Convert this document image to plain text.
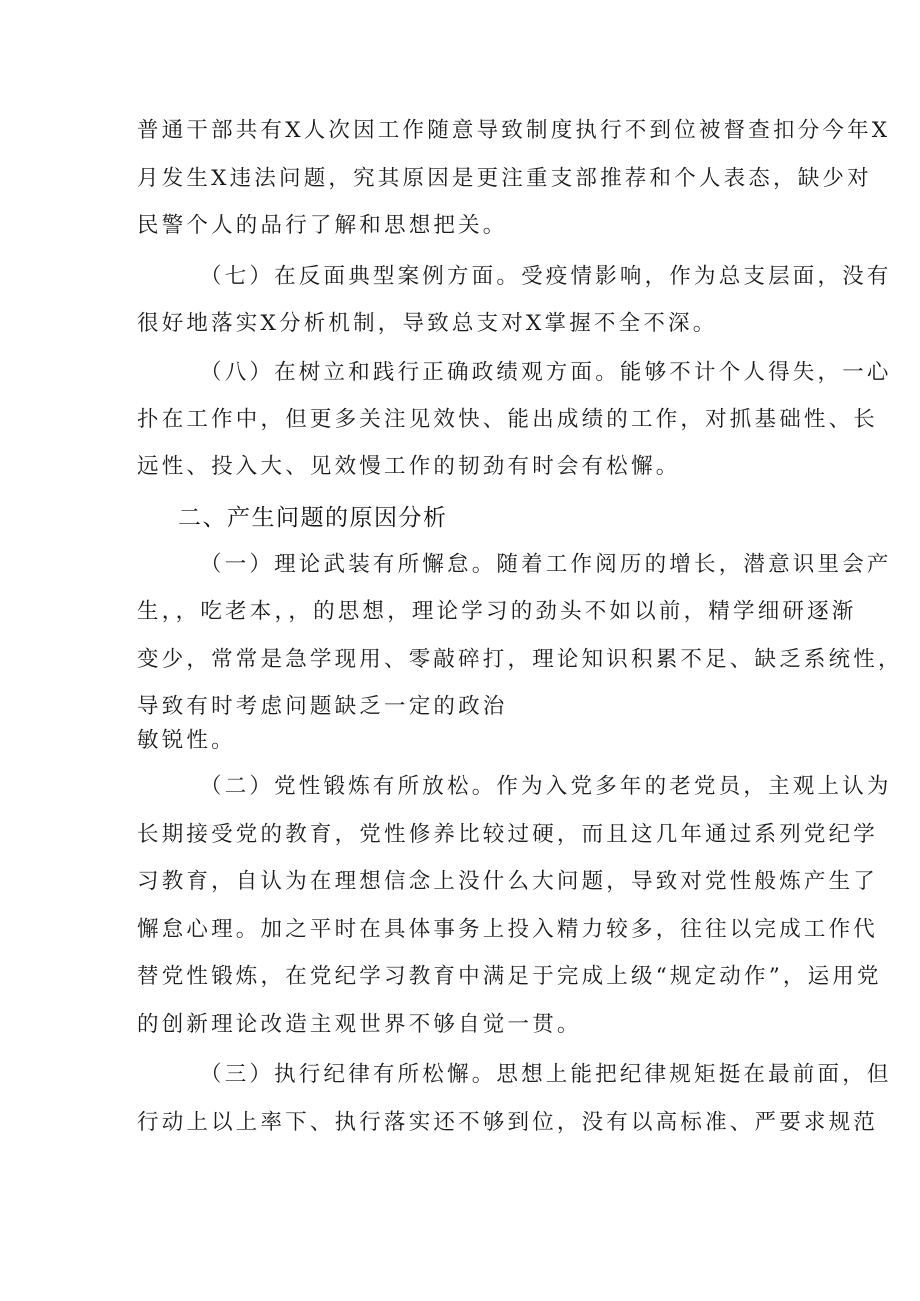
普通干部共有X人次因工作随意导致制度执行不到位被督查扣分今年X
月发生X违法问题，究其原因是更注重支部推荐和个人表态，缺少对
民警个人的品行了解和思想把关。
（七）在反面典型案例方面。受疫情影响，作为总支层面，没有
很好地落实X分析机制，导致总支对X掌握不全不深。
（八）在树立和践行正确政绩观方面。能够不计个人得失，一心
扑在工作中，但更多关注见效快、能出成绩的工作，对抓基础性、长
远性、投入大、见效慢工作的韧劲有时会有松懈。
二、产生问题的原因分析
（一）理论武装有所懈怠。随着工作阅历的增长，潜意识里会产
生，，吃老本，，的思想，理论学习的劲头不如以前，精学细研逐渐
变少，常常是急学现用、零敲碎打，理论知识积累不足、缺乏系统性，
导致有时考虑问题缺乏一定的政治
敏锐性。
（二）党性锻炼有所放松。作为入党多年的老党员，主观上认为
长期接受党的教育，党性修养比较过硬，而且这几年通过系列党纪学
习教育，自认为在理想信念上没什么大问题，导致对党性般炼产生了
懈怠心理。加之平时在具体事务上投入精力较多，往往以完成工作代
替党性锻炼，在党纪学习教育中满足于完成上级“规定动作”，运用党
的创新理论改造主观世界不够自觉一贯。
（三）执行纪律有所松懈。思想上能把纪律规矩挺在最前面，但
行动上以上率下、执行落实还不够到位，没有以高标准、严要求规范
